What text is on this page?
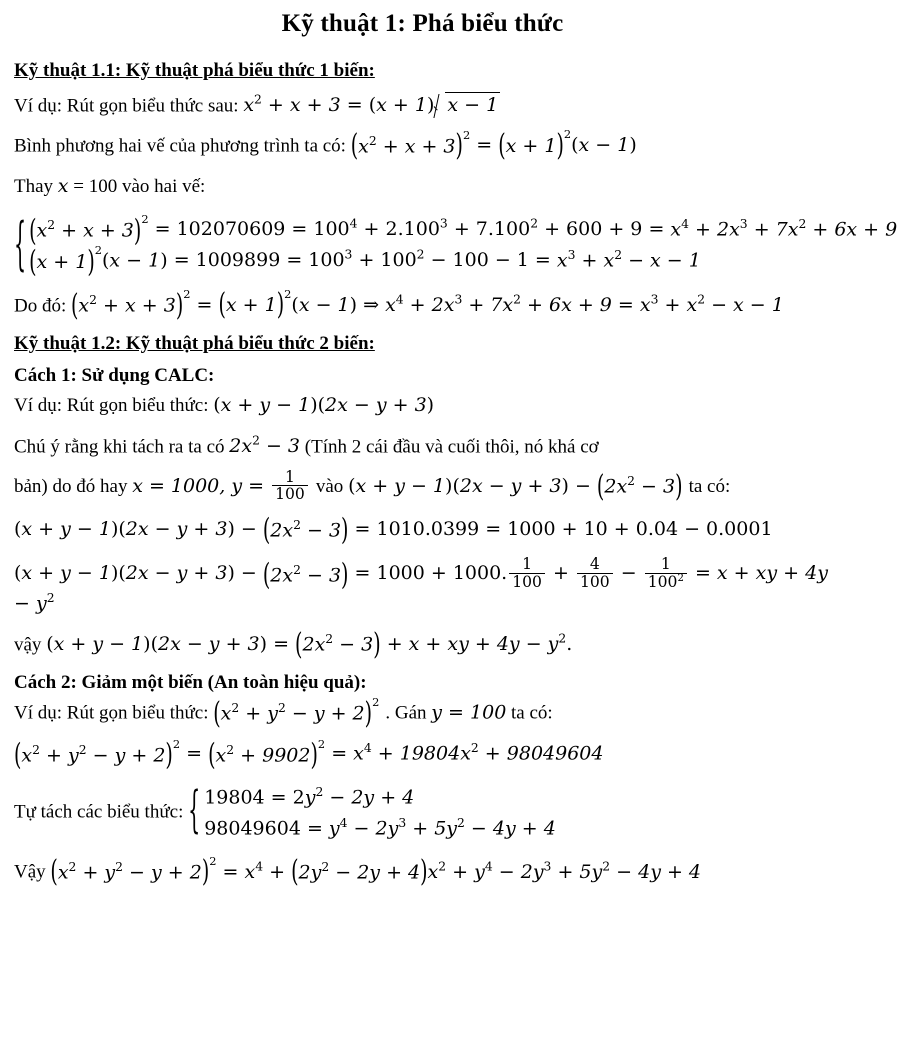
Kỹ thuật 1: Phá biểu thức
Kỹ thuật 1.1: Kỹ thuật phá biểu thức 1 biến:
Ví dụ: Rút gọn biểu thức sau: $x^2 + x + 3 = (x + 1) x - 1$
Bình phương hai vế của phương trình ta có: $(x^2 + x + 3)^2 = (x + 1)^2(x - 1)$
Thay x = 100 vào hai vế:
{ $(x^2 + x + 3)^2 = 102070609 = 100^4 + 2.100^3 + 7.100^2 + 600 + 9 = x^4 + 2x^3 + 7x^2 + 6x + 9$
$(x + 1)^2(x - 1) = 1009899 = 100^3 + 100^2 - 100 - 1 = x^3 + x^2 - x - 1$
Do đó: $(x^2 + x + 3)^2 = (x + 1)^2(x - 1)$ ⇒ $x^4 + 2x^3 + 7x^2 + 6x + 9 = x^3 + x^2 - x - 1$
Kỹ thuật 1.2: Kỹ thuật phá biểu thức 2 biến:
Cách 1: Sử dụng CALC:
Ví dụ: Rút gọn biểu thức: (x + y − 1)(2x − y + 3)
Chú ý rằng khi tách ra ta có $2x^2 - 3$ (Tính 2 cái đầu và cuối thôi, nó khá cơ
bản) do đó hay x = 1000, $y = \frac{1}{100}$ vào $(x + y - 1)(2x - y + 3) - (2x^2 - 3)$ ta có:
$(x + y - 1)(2x - y + 3) - (2x^2 - 3) = 1010.0399 = 1000 + 10 + 0.04 - 0.0001$
$(x + y - 1)(2x - y + 3) - (2x^2 - 3) = 1000 + 1000$. $\frac{1}{100} + \frac{4}{100} - \frac{1}{100^2} = x$ + xy + $4y - y^2$
vậy $(x + y - 1)(2x - y + 3) = (2x^2 - 3) + x$ + xy + $4y - y^2$.
Cách 2: Giảm một biến (An toàn hiệu quả):
Ví dụ: Rút gọn biểu thức: $(x^2 + y^2 - y + 2)^2$ . Gán y = 100 ta có:
$(x^2 + y^2 - y + 2)^2 = (x^2 + 9902)^2 = x^4 + 19804x^2 + 98049604$
Tự tách các biểu thức: { $19804 = 2y^2 - 2y + 4$
$98049604 = y^4 - 2y^3 + 5y^2 - 4y + 4$
Vậy $(x^2 + y^2 - y + 2)^2 = x^4 + (2y^2 - 2y + 4)x^2 + y^4 - 2y^3 + 5y^2 - 4y + 4$
